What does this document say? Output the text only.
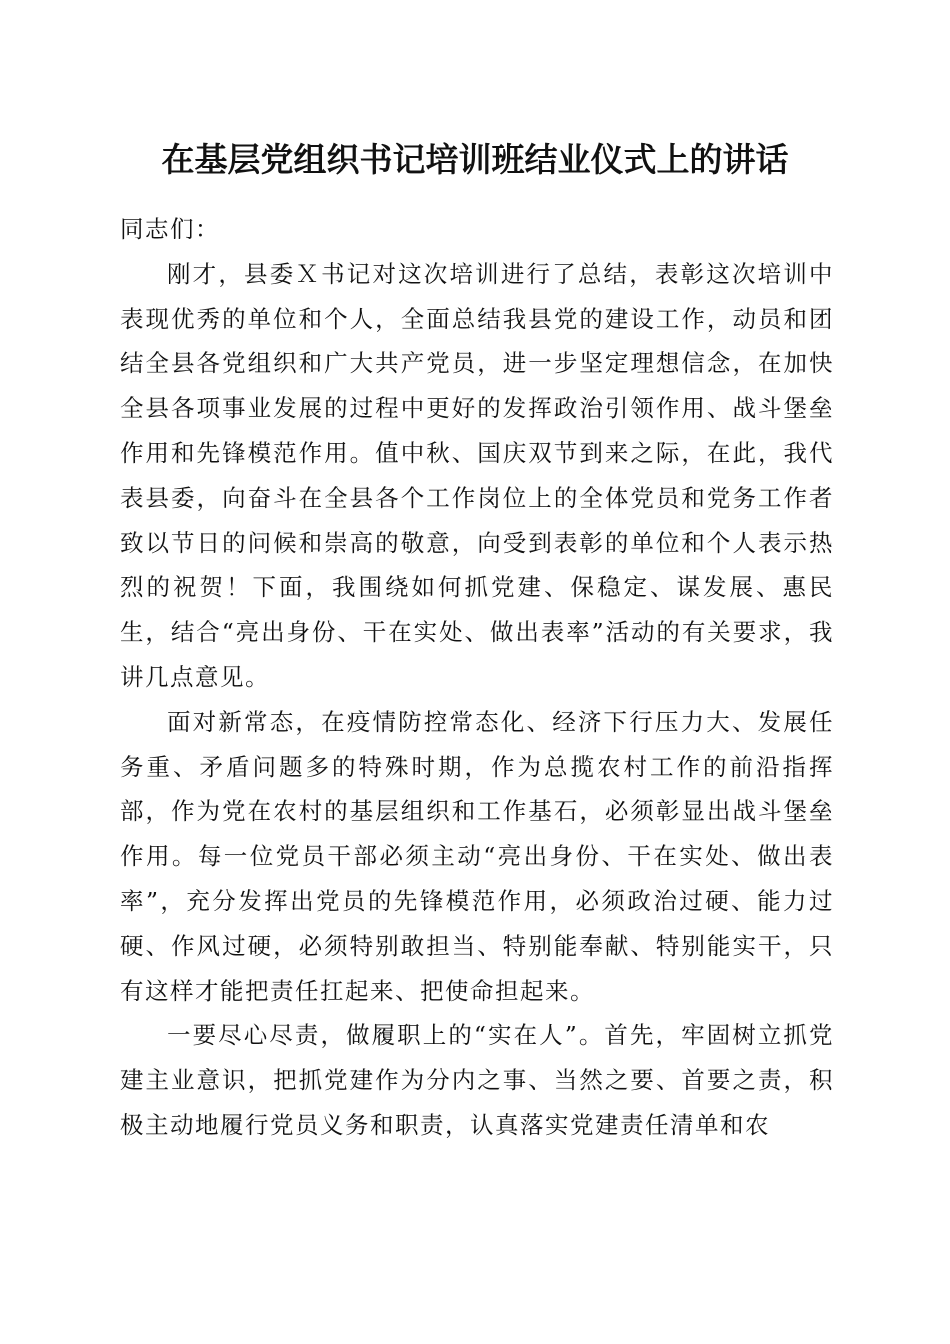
在基层党组织书记培训班结业仪式上的讲话

同志们：

刚才，县委Ｘ书记对这次培训进行了总结，表彰这次培训中表现优秀的单位和个人，全面总结我县党的建设工作，动员和团结全县各党组织和广大共产党员，进一步坚定理想信念，在加快全县各项事业发展的过程中更好的发挥政治引领作用、战斗堡垒作用和先锋模范作用。值中秋、国庆双节到来之际，在此，我代表县委，向奋斗在全县各个工作岗位上的全体党员和党务工作者致以节日的问候和崇高的敬意，向受到表彰的单位和个人表示热烈的祝贺！下面，我围绕如何抓党建、保稳定、谋发展、惠民生，结合“亮出身份、干在实处、做出表率”活动的有关要求，我讲几点意见。

面对新常态，在疫情防控常态化、经济下行压力大、发展任务重、矛盾问题多的特殊时期，作为总揽农村工作的前沿指挥部，作为党在农村的基层组织和工作基石，必须彰显出战斗堡垒作用。每一位党员干部必须主动“亮出身份、干在实处、做出表率”，充分发挥出党员的先锋模范作用，必须政治过硬、能力过硬、作风过硬，必须特别敢担当、特别能奉献、特别能实干，只有这样才能把责任扛起来、把使命担起来。

一要尽心尽责，做履职上的“实在人”。首先，牢固树立抓党建主业意识，把抓党建作为分内之事、当然之要、首要之责，积极主动地履行党员义务和职责，认真落实党建责任清单和农
